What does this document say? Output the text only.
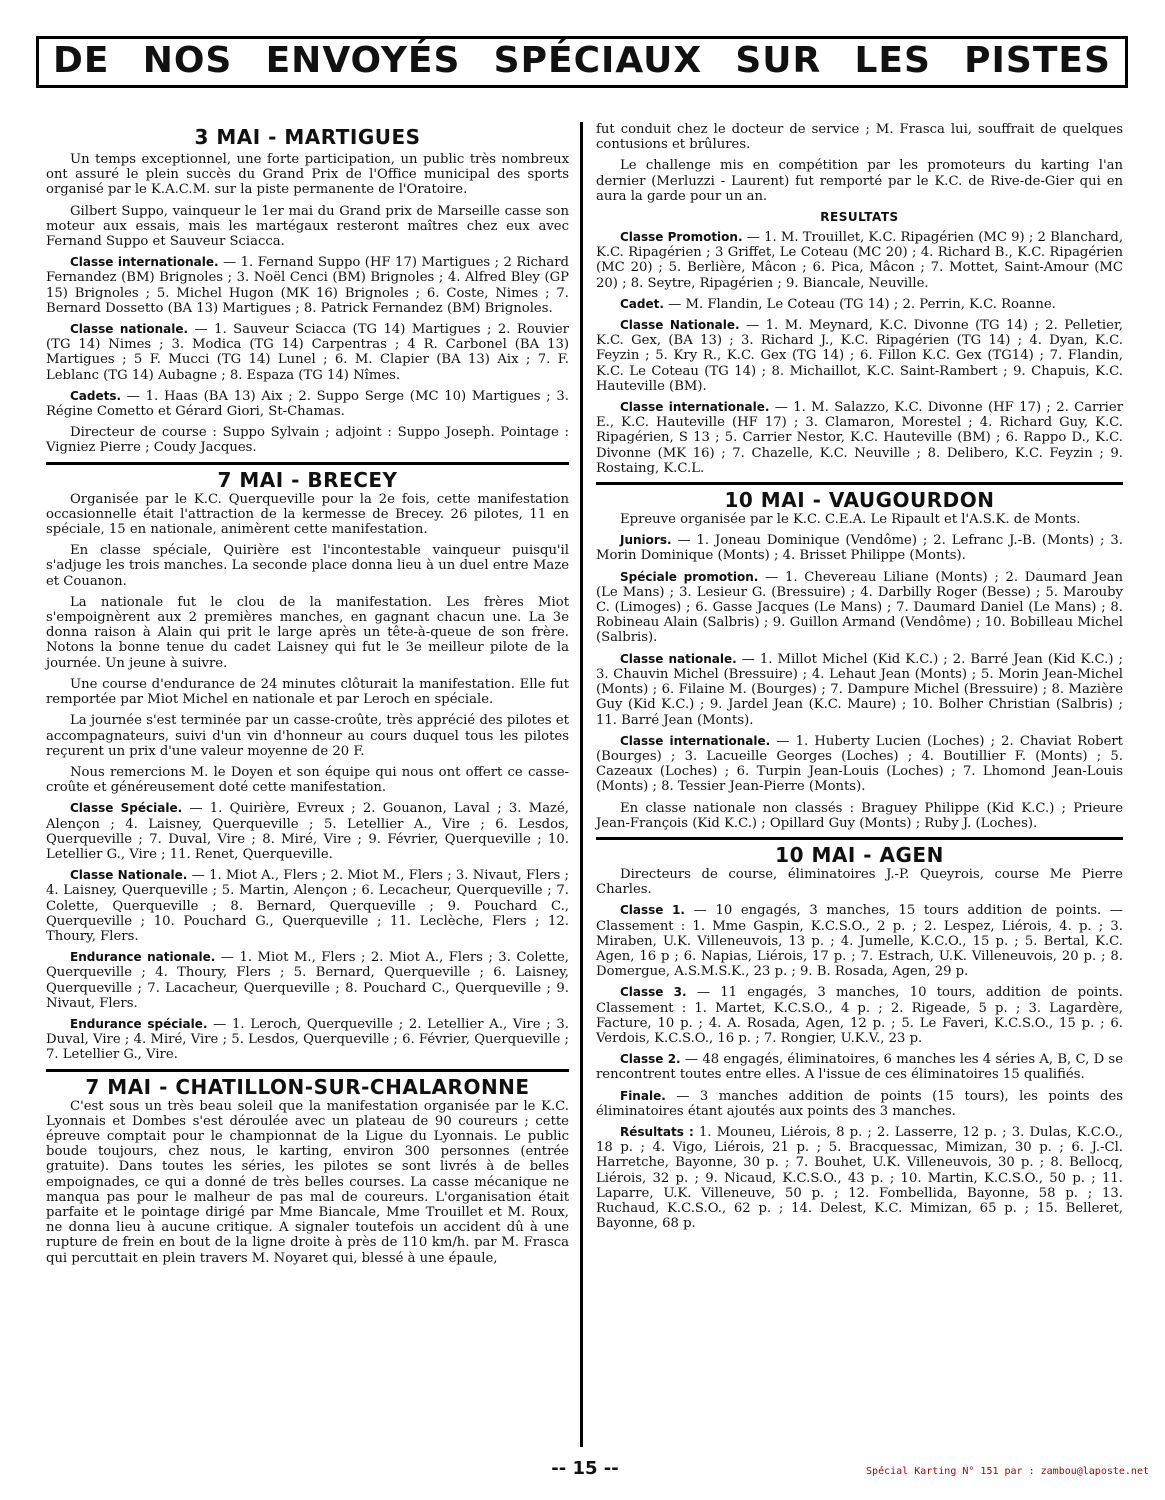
DE NOS ENVOYÉS SPÉCIAUX SUR LES PISTES
3 MAI - MARTIGUES

Un temps exceptionnel, une forte participation, un public très nombreux ont assuré le plein succès du Grand Prix de l'Office municipal des sports organisé par le K.A.C.M. sur la piste permanente de l'Oratoire.

Gilbert Suppo, vainqueur le 1er mai du Grand prix de Marseille casse son moteur aux essais, mais les martégaux resteront maîtres chez eux avec Fernand Suppo et Sauveur Sciacca.

Classe internationale. — 1. Fernand Suppo (HF 17) Martigues ; 2 Richard Fernandez (BM) Brignoles ; 3. Noël Cenci (BM) Brignoles ; 4. Alfred Bley (GP 15) Brignoles ; 5. Michel Hugon (MK 16) Brignoles ; 6. Coste, Nimes ; 7. Bernard Dossetto (BA 13) Martigues ; 8. Patrick Fernandez (BM) Brignoles.

Classe nationale. — 1. Sauveur Sciacca (TG 14) Martigues ; 2. Rouvier (TG 14) Nimes ; 3. Modica (TG 14) Carpentras ; 4 R. Carbonel (BA 13) Martigues ; 5 F. Mucci (TG 14) Lunel ; 6. M. Clapier (BA 13) Aix ; 7. F. Leblanc (TG 14) Aubagne ; 8. Espaza (TG 14) Nîmes.

Cadets. — 1. Haas (BA 13) Aix ; 2. Suppo Serge (MC 10) Martigues ; 3. Régine Cometto et Gérard Giori, St-Chamas.

Directeur de course : Suppo Sylvain ; adjoint : Suppo Joseph. Pointage : Vigniez Pierre ; Coudy Jacques.

7 MAI - BRECEY

Organisée par le K.C. Querqueville pour la 2e fois, cette manifestation occasionnelle était l'attraction de la kermesse de Brecey. 26 pilotes, 11 en spéciale, 15 en nationale, animèrent cette manifestation.

En classe spéciale, Quirière est l'incontestable vainqueur puisqu'il s'adjuge les trois manches. La seconde place donna lieu à un duel entre Maze et Couanon.

La nationale fut le clou de la manifestation. Les frères Miot s'empoignèrent aux 2 premières manches, en gagnant chacun une. La 3e donna raison à Alain qui prit le large après un tête-à-queue de son frère. Notons la bonne tenue du cadet Laisney qui fut le 3e meilleur pilote de la journée. Un jeune à suivre.

Une course d'endurance de 24 minutes clôturait la manifestation. Elle fut remportée par Miot Michel en nationale et par Leroch en spéciale.

La journée s'est terminée par un casse-croûte, très apprécié des pilotes et accompagnateurs, suivi d'un vin d'honneur au cours duquel tous les pilotes reçurent un prix d'une valeur moyenne de 20 F.

Nous remercions M. le Doyen et son équipe qui nous ont offert ce casse-croûte et généreusement doté cette manifestation.

Classe Spéciale. — 1. Quirière, Evreux ; 2. Gouanon, Laval ; 3. Mazé, Alençon ; 4. Laisney, Querqueville ; 5. Letellier A., Vire ; 6. Lesdos, Querqueville ; 7. Duval, Vire ; 8. Miré, Vire ; 9. Février, Querqueville ; 10. Letellier G., Vire ; 11. Renet, Querqueville.

Classe Nationale. — 1. Miot A., Flers ; 2. Miot M., Flers ; 3. Nivaut, Flers ; 4. Laisney, Querqueville ; 5. Martin, Alençon ; 6. Lecacheur, Querqueville ; 7. Colette, Querqueville ; 8. Bernard, Querqueville ; 9. Pouchard C., Querqueville ; 10. Pouchard G., Querqueville ; 11. Leclèche, Flers ; 12. Thoury, Flers.

Endurance nationale. — 1. Miot M., Flers ; 2. Miot A., Flers ; 3. Colette, Querqueville ; 4. Thoury, Flers ; 5. Bernard, Querqueville ; 6. Laisney, Querqueville ; 7. Lacacheur, Querqueville ; 8. Pouchard C., Querqueville ; 9. Nivaut, Flers.

Endurance spéciale. — 1. Leroch, Querqueville ; 2. Letellier A., Vire ; 3. Duval, Vire ; 4. Miré, Vire ; 5. Lesdos, Querqueville ; 6. Février, Querqueville ; 7. Letellier G., Vire.

7 MAI - CHATILLON-SUR-CHALARONNE

C'est sous un très beau soleil que la manifestation organisée par le K.C. Lyonnais et Dombes s'est déroulée avec un plateau de 90 coureurs ; cette épreuve comptait pour le championnat de la Ligue du Lyonnais. Le public boude toujours, chez nous, le karting, environ 300 personnes (entrée gratuite). Dans toutes les séries, les pilotes se sont livrés à de belles empoignades, ce qui a donné de très belles courses. La casse mécanique ne manqua pas pour le malheur de pas mal de coureurs. L'organisation était parfaite et le pointage dirigé par Mme Biancale, Mme Trouillet et M. Roux, ne donna lieu à aucune critique. A signaler toutefois un accident dû à une rupture de frein en bout de la ligne droite à près de 110 km/h. par M. Frasca qui percuttait en plein travers M. Noyaret qui, blessé à une épaule,

fut conduit chez le docteur de service ; M. Frasca lui, souffrait de quelques contusions et brûlures.

Le challenge mis en compétition par les promoteurs du karting l'an dernier (Merluzzi - Laurent) fut remporté par le K.C. de Rive-de-Gier qui en aura la garde pour un an.

RESULTATS

Classe Promotion. — 1. M. Trouillet, K.C. Ripagérien (MC 9) ; 2 Blanchard, K.C. Ripagérien ; 3 Griffet, Le Coteau (MC 20) ; 4. Richard B., K.C. Ripagérien (MC 20) ; 5. Berlière, Mâcon ; 6. Pica, Mâcon ; 7. Mottet, Saint-Amour (MC 20) ; 8. Seytre, Ripagérien ; 9. Biancale, Neuville.

Cadet. — M. Flandin, Le Coteau (TG 14) ; 2. Perrin, K.C. Roanne.

Classe Nationale. — 1. M. Meynard, K.C. Divonne (TG 14) ; 2. Pelletier, K.C. Gex, (BA 13) ; 3. Richard J., K.C. Ripagérien (TG 14) ; 4. Dyan, K.C. Feyzin ; 5. Kry R., K.C. Gex (TG 14) ; 6. Fillon K.C. Gex (TG14) ; 7. Flandin, K.C. Le Coteau (TG 14) ; 8. Michaillot, K.C. Saint-Rambert ; 9. Chapuis, K.C. Hauteville (BM).

Classe internationale. — 1. M. Salazzo, K.C. Divonne (HF 17) ; 2. Carrier E., K.C. Hauteville (HF 17) ; 3. Clamaron, Morestel ; 4. Richard Guy, K.C. Ripagérien, S 13 ; 5. Carrier Nestor, K.C. Hauteville (BM) ; 6. Rappo D., K.C. Divonne (MK 16) ; 7. Chazelle, K.C. Neuville ; 8. Delibero, K.C. Feyzin ; 9. Rostaing, K.C.L.

10 MAI - VAUGOURDON

Epreuve organisée par le K.C. C.E.A. Le Ripault et l'A.S.K. de Monts.

Juniors. — 1. Joneau Dominique (Vendôme) ; 2. Lefranc J.-B. (Monts) ; 3. Morin Dominique (Monts) ; 4. Brisset Philippe (Monts).

Spéciale promotion. — 1. Chevereau Liliane (Monts) ; 2. Daumard Jean (Le Mans) ; 3. Lesieur G. (Bressuire) ; 4. Darbilly Roger (Besse) ; 5. Marouby C. (Limoges) ; 6. Gasse Jacques (Le Mans) ; 7. Daumard Daniel (Le Mans) ; 8. Robineau Alain (Salbris) ; 9. Guillon Armand (Vendôme) ; 10. Bobilleau Michel (Salbris).

Classe nationale. — 1. Millot Michel (Kid K.C.) ; 2. Barré Jean (Kid K.C.) ; 3. Chauvin Michel (Bressuire) ; 4. Lehaut Jean (Monts) ; 5. Morin Jean-Michel (Monts) ; 6. Filaine M. (Bourges) ; 7. Dampure Michel (Bressuire) ; 8. Mazière Guy (Kid K.C.) ; 9. Jardel Jean (K.C. Maure) ; 10. Bolher Christian (Salbris) ; 11. Barré Jean (Monts).

Classe internationale. — 1. Huberty Lucien (Loches) ; 2. Chaviat Robert (Bourges) ; 3. Lacueille Georges (Loches) ; 4. Boutillier F. (Monts) ; 5. Cazeaux (Loches) ; 6. Turpin Jean-Louis (Loches) ; 7. Lhomond Jean-Louis (Monts) ; 8. Tessier Jean-Pierre (Monts).

En classe nationale non classés : Braguey Philippe (Kid K.C.) ; Prieure Jean-François (Kid K.C.) ; Opillard Guy (Monts) ; Ruby J. (Loches).

10 MAI - AGEN

Directeurs de course, éliminatoires J.-P. Queyrois, course Me Pierre Charles.

Classe 1. — 10 engagés, 3 manches, 15 tours addition de points. — Classement : 1. Mme Gaspin, K.C.S.O., 2 p. ; 2. Lespez, Liérois, 4. p. ; 3. Miraben, U.K. Villeneuvois, 13 p. ; 4. Jumelle, K.C.O., 15 p. ; 5. Bertal, K.C. Agen, 16 p ; 6. Napias, Liérois, 17 p. ; 7. Estrach, U.K. Villeneuvois, 20 p. ; 8. Domergue, A.S.M.S.K., 23 p. ; 9. B. Rosada, Agen, 29 p.

Classe 3. — 11 engagés, 3 manches, 10 tours, addition de points. Classement : 1. Martet, K.C.S.O., 4 p. ; 2. Rigeade, 5 p. ; 3. Lagardère, Facture, 10 p. ; 4. A. Rosada, Agen, 12 p. ; 5. Le Faveri, K.C.S.O., 15 p. ; 6. Verdois, K.C.S.O., 16 p. ; 7. Rongier, U.K.V., 23 p.

Classe 2. — 48 engagés, éliminatoires, 6 manches les 4 séries A, B, C, D se rencontrent toutes entre elles. A l'issue de ces éliminatoires 15 qualifiés.

Finale. — 3 manches addition de points (15 tours), les points des éliminatoires étant ajoutés aux points des 3 manches.

Résultats : 1. Mouneu, Liérois, 8 p. ; 2. Lasserre, 12 p. ; 3. Dulas, K.C.O., 18 p. ; 4. Vigo, Liérois, 21 p. ; 5. Bracquessac, Mimizan, 30 p. ; 6. J.-Cl. Harretche, Bayonne, 30 p. ; 7. Bouhet, U.K. Villeneuvois, 30 p. ; 8. Bellocq, Liérois, 32 p. ; 9. Nicaud, K.C.S.O., 43 p. ; 10. Martin, K.C.S.O., 50 p. ; 11. Laparre, U.K. Villeneuve, 50 p. ; 12. Fombellida, Bayonne, 58 p. ; 13. Ruchaud, K.C.S.O., 62 p. ; 14. Delest, K.C. Mimizan, 65 p. ; 15. Belleret, Bayonne, 68 p.

-- 15 --	Spécial Karting N° 151 par : zambou@laposte.net
